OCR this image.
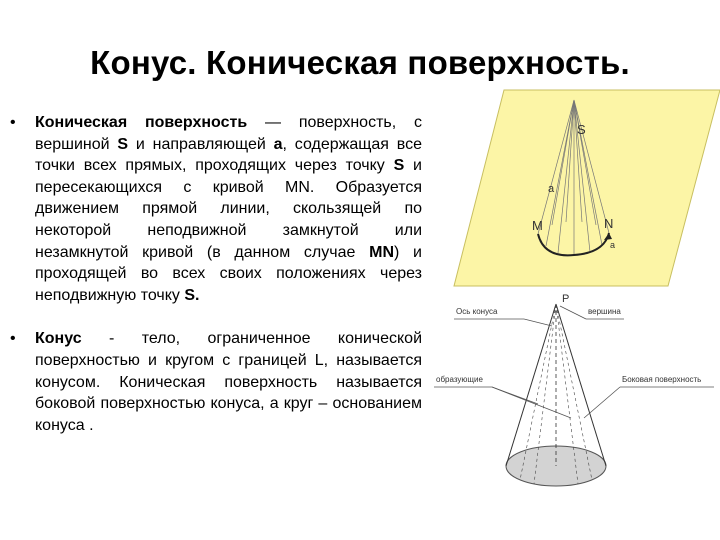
Конус. Коническая поверхность.
• Коническая поверхность — поверхность, с вершиной S и направляющей а, содержащая все точки всех прямых, проходящих через точку S и пересекающихся с кривой MN. Образуется движением прямой линии, скользящей по некоторой неподвижной замкнутой или незамкнутой кривой (в данном случае MN) и проходящей во всех своих положениях через неподвижную точку S.
• Конус - тело, ограниченное конической поверхностью и кругом с границей L, называется конусом. Коническая поверхность называется боковой поверхностью конуса, а круг – основанием конуса .
S
a
M	N
a
Ось конуса	вершина
P
образующие	Боковая поверхность
